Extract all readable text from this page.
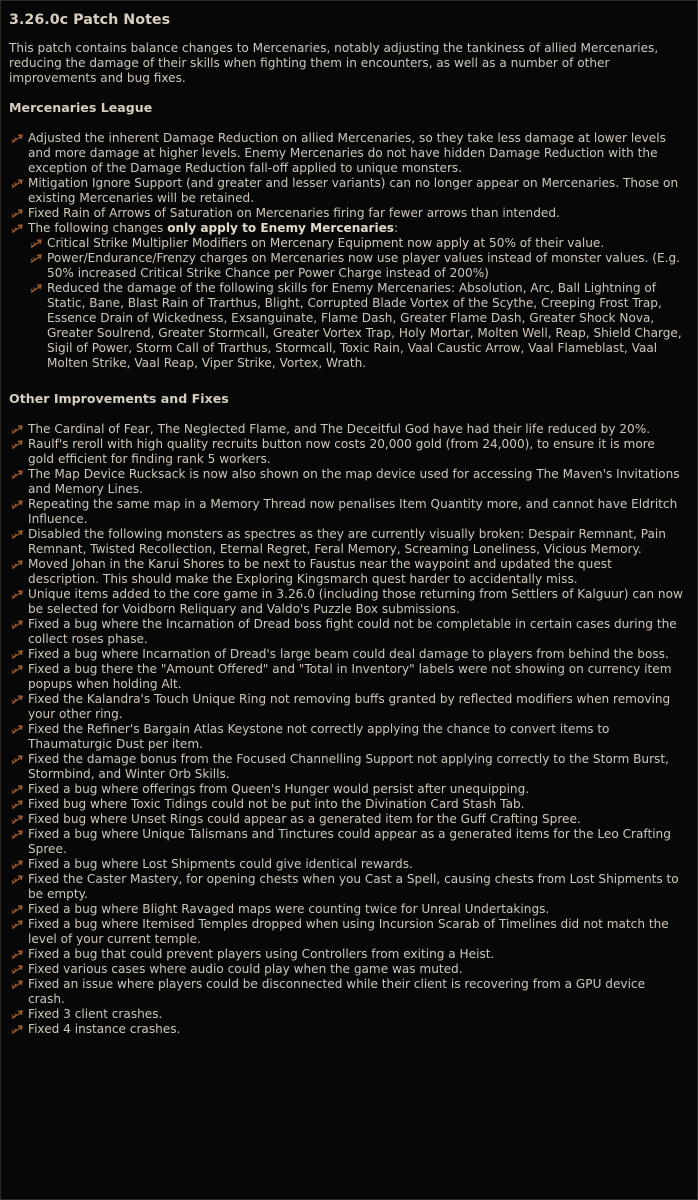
3.26.0c Patch Notes
This patch contains balance changes to Mercenaries, notably adjusting the tankiness of allied Mercenaries, reducing the damage of their skills when fighting them in encounters, as well as a number of other improvements and bug fixes.
Mercenaries League
Adjusted the inherent Damage Reduction on allied Mercenaries, so they take less damage at lower levels and more damage at higher levels. Enemy Mercenaries do not have hidden Damage Reduction with the exception of the Damage Reduction fall-off applied to unique monsters.
Mitigation Ignore Support (and greater and lesser variants) can no longer appear on Mercenaries. Those on existing Mercenaries will be retained.
Fixed Rain of Arrows of Saturation on Mercenaries firing far fewer arrows than intended.
The following changes only apply to Enemy Mercenaries:
Critical Strike Multiplier Modifiers on Mercenary Equipment now apply at 50% of their value.
Power/Endurance/Frenzy charges on Mercenaries now use player values instead of monster values. (E.g. 50% increased Critical Strike Chance per Power Charge instead of 200%)
Reduced the damage of the following skills for Enemy Mercenaries: Absolution, Arc, Ball Lightning of Static, Bane, Blast Rain of Trarthus, Blight, Corrupted Blade Vortex of the Scythe, Creeping Frost Trap, Essence Drain of Wickedness, Exsanguinate, Flame Dash, Greater Flame Dash, Greater Shock Nova, Greater Soulrend, Greater Stormcall, Greater Vortex Trap, Holy Mortar, Molten Well, Reap, Shield Charge, Sigil of Power, Storm Call of Trarthus, Stormcall, Toxic Rain, Vaal Caustic Arrow, Vaal Flameblast, Vaal Molten Strike, Vaal Reap, Viper Strike, Vortex, Wrath.
Other Improvements and Fixes
The Cardinal of Fear, The Neglected Flame, and The Deceitful God have had their life reduced by 20%.
Raulf's reroll with high quality recruits button now costs 20,000 gold (from 24,000), to ensure it is more gold efficient for finding rank 5 workers.
The Map Device Rucksack is now also shown on the map device used for accessing The Maven's Invitations and Memory Lines.
Repeating the same map in a Memory Thread now penalises Item Quantity more, and cannot have Eldritch Influence.
Disabled the following monsters as spectres as they are currently visually broken: Despair Remnant, Pain Remnant, Twisted Recollection, Eternal Regret, Feral Memory, Screaming Loneliness, Vicious Memory.
Moved Johan in the Karui Shores to be next to Faustus near the waypoint and updated the quest description. This should make the Exploring Kingsmarch quest harder to accidentally miss.
Unique items added to the core game in 3.26.0 (including those returning from Settlers of Kalguur) can now be selected for Voidborn Reliquary and Valdo's Puzzle Box submissions.
Fixed a bug where the Incarnation of Dread boss fight could not be completable in certain cases during the collect roses phase.
Fixed a bug where Incarnation of Dread's large beam could deal damage to players from behind the boss.
Fixed a bug there the "Amount Offered" and "Total in Inventory" labels were not showing on currency item popups when holding Alt.
Fixed the Kalandra's Touch Unique Ring not removing buffs granted by reflected modifiers when removing your other ring.
Fixed the Refiner's Bargain Atlas Keystone not correctly applying the chance to convert items to Thaumaturgic Dust per item.
Fixed the damage bonus from the Focused Channelling Support not applying correctly to the Storm Burst, Stormbind, and Winter Orb Skills.
Fixed a bug where offerings from Queen's Hunger would persist after unequipping.
Fixed bug where Toxic Tidings could not be put into the Divination Card Stash Tab.
Fixed bug where Unset Rings could appear as a generated item for the Guff Crafting Spree.
Fixed a bug where Unique Talismans and Tinctures could appear as a generated items for the Leo Crafting Spree.
Fixed a bug where Lost Shipments could give identical rewards.
Fixed the Caster Mastery, for opening chests when you Cast a Spell, causing chests from Lost Shipments to be empty.
Fixed a bug where Blight Ravaged maps were counting twice for Unreal Undertakings.
Fixed a bug where Itemised Temples dropped when using Incursion Scarab of Timelines did not match the level of your current temple.
Fixed a bug that could prevent players using Controllers from exiting a Heist.
Fixed various cases where audio could play when the game was muted.
Fixed an issue where players could be disconnected while their client is recovering from a GPU device crash.
Fixed 3 client crashes.
Fixed 4 instance crashes.
